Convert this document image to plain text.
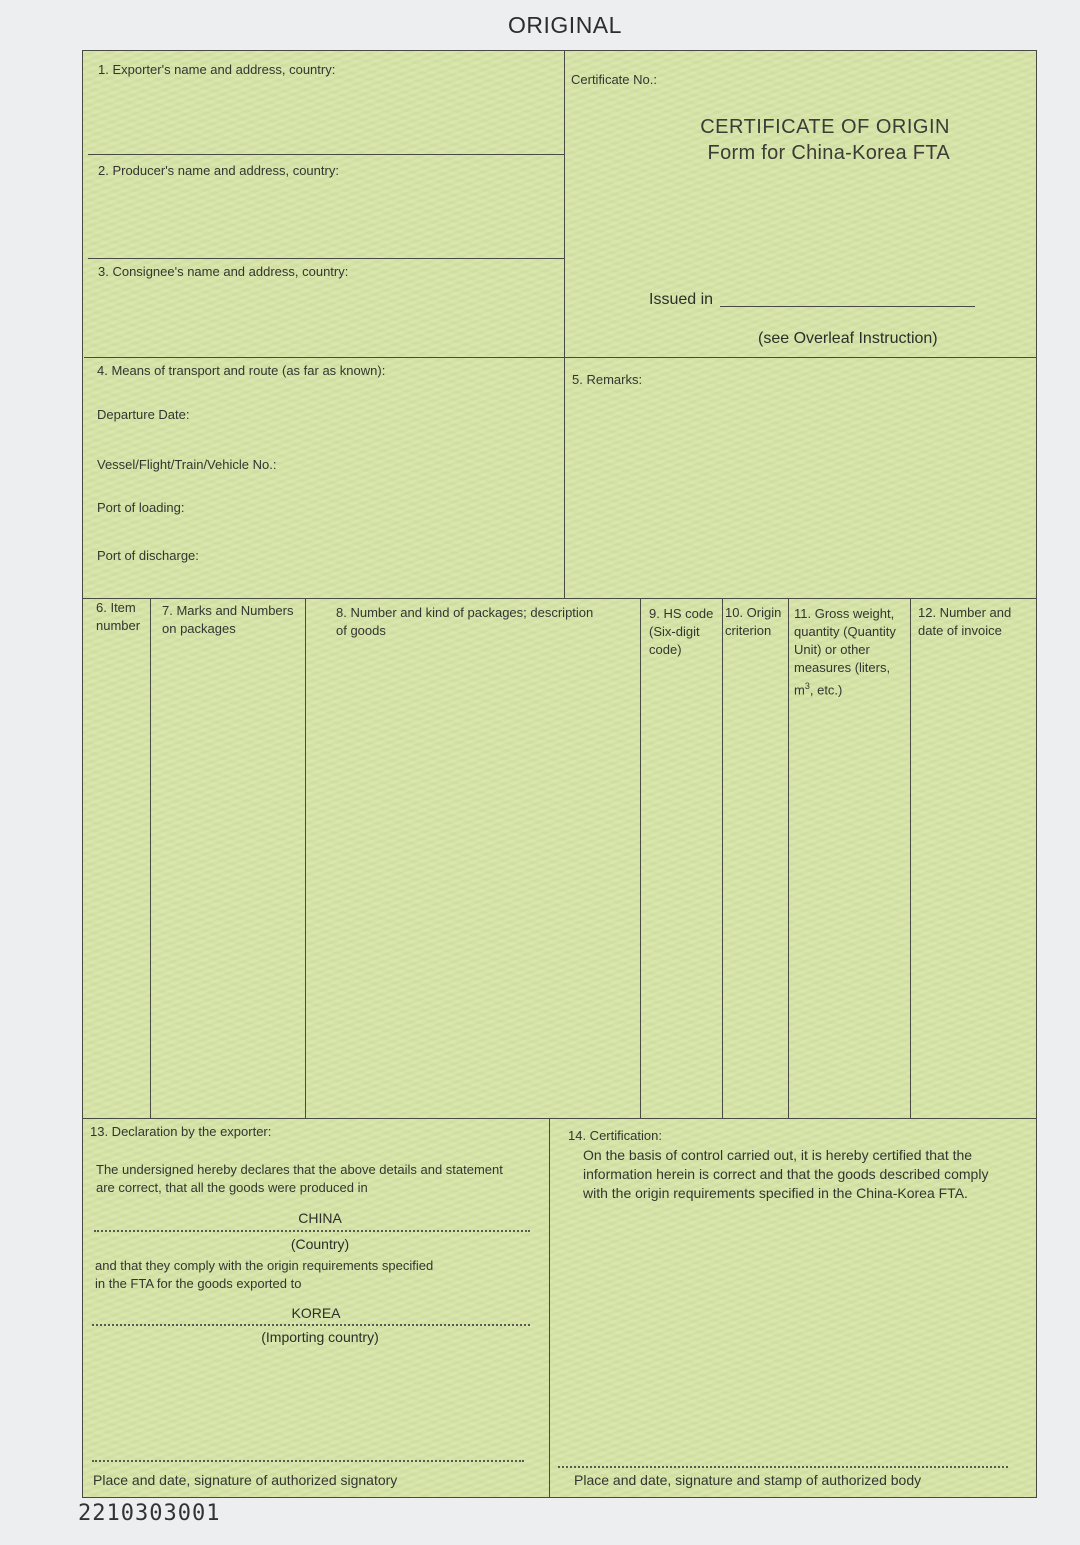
ORIGINAL
1. Exporter's name and address, country:
2. Producer's name and address, country:
3. Consignee's name and address, country:
Certificate No.:
CERTIFICATE OF ORIGIN
Form for China-Korea FTA
Issued in
(see Overleaf Instruction)
4. Means of transport and route (as far as known):
Departure Date:
Vessel/Flight/Train/Vehicle No.:
Port of loading:
Port of discharge:
5. Remarks:
6. Item
number
7. Marks and Numbers
on packages
8. Number and kind of packages; description
of goods
9. HS code
(Six-digit
code)
10. Origin
criterion
11. Gross weight,
quantity (Quantity
Unit) or other
measures (liters,
$m^3$, etc.)
12. Number and
date of invoice
13. Declaration by the exporter:
The undersigned hereby declares that the above details and statement
are correct, that all the goods were produced in
CHINA
(Country)
and that they comply with the origin requirements specified
in the FTA for the goods exported to
KOREA
(Importing country)
Place and date, signature of authorized signatory
14. Certification:
On the basis of control carried out, it is hereby certified that the
information herein is correct and that the goods described comply
with the origin requirements specified in the China-Korea FTA.
Place and date, signature and stamp of authorized body
2210303001
